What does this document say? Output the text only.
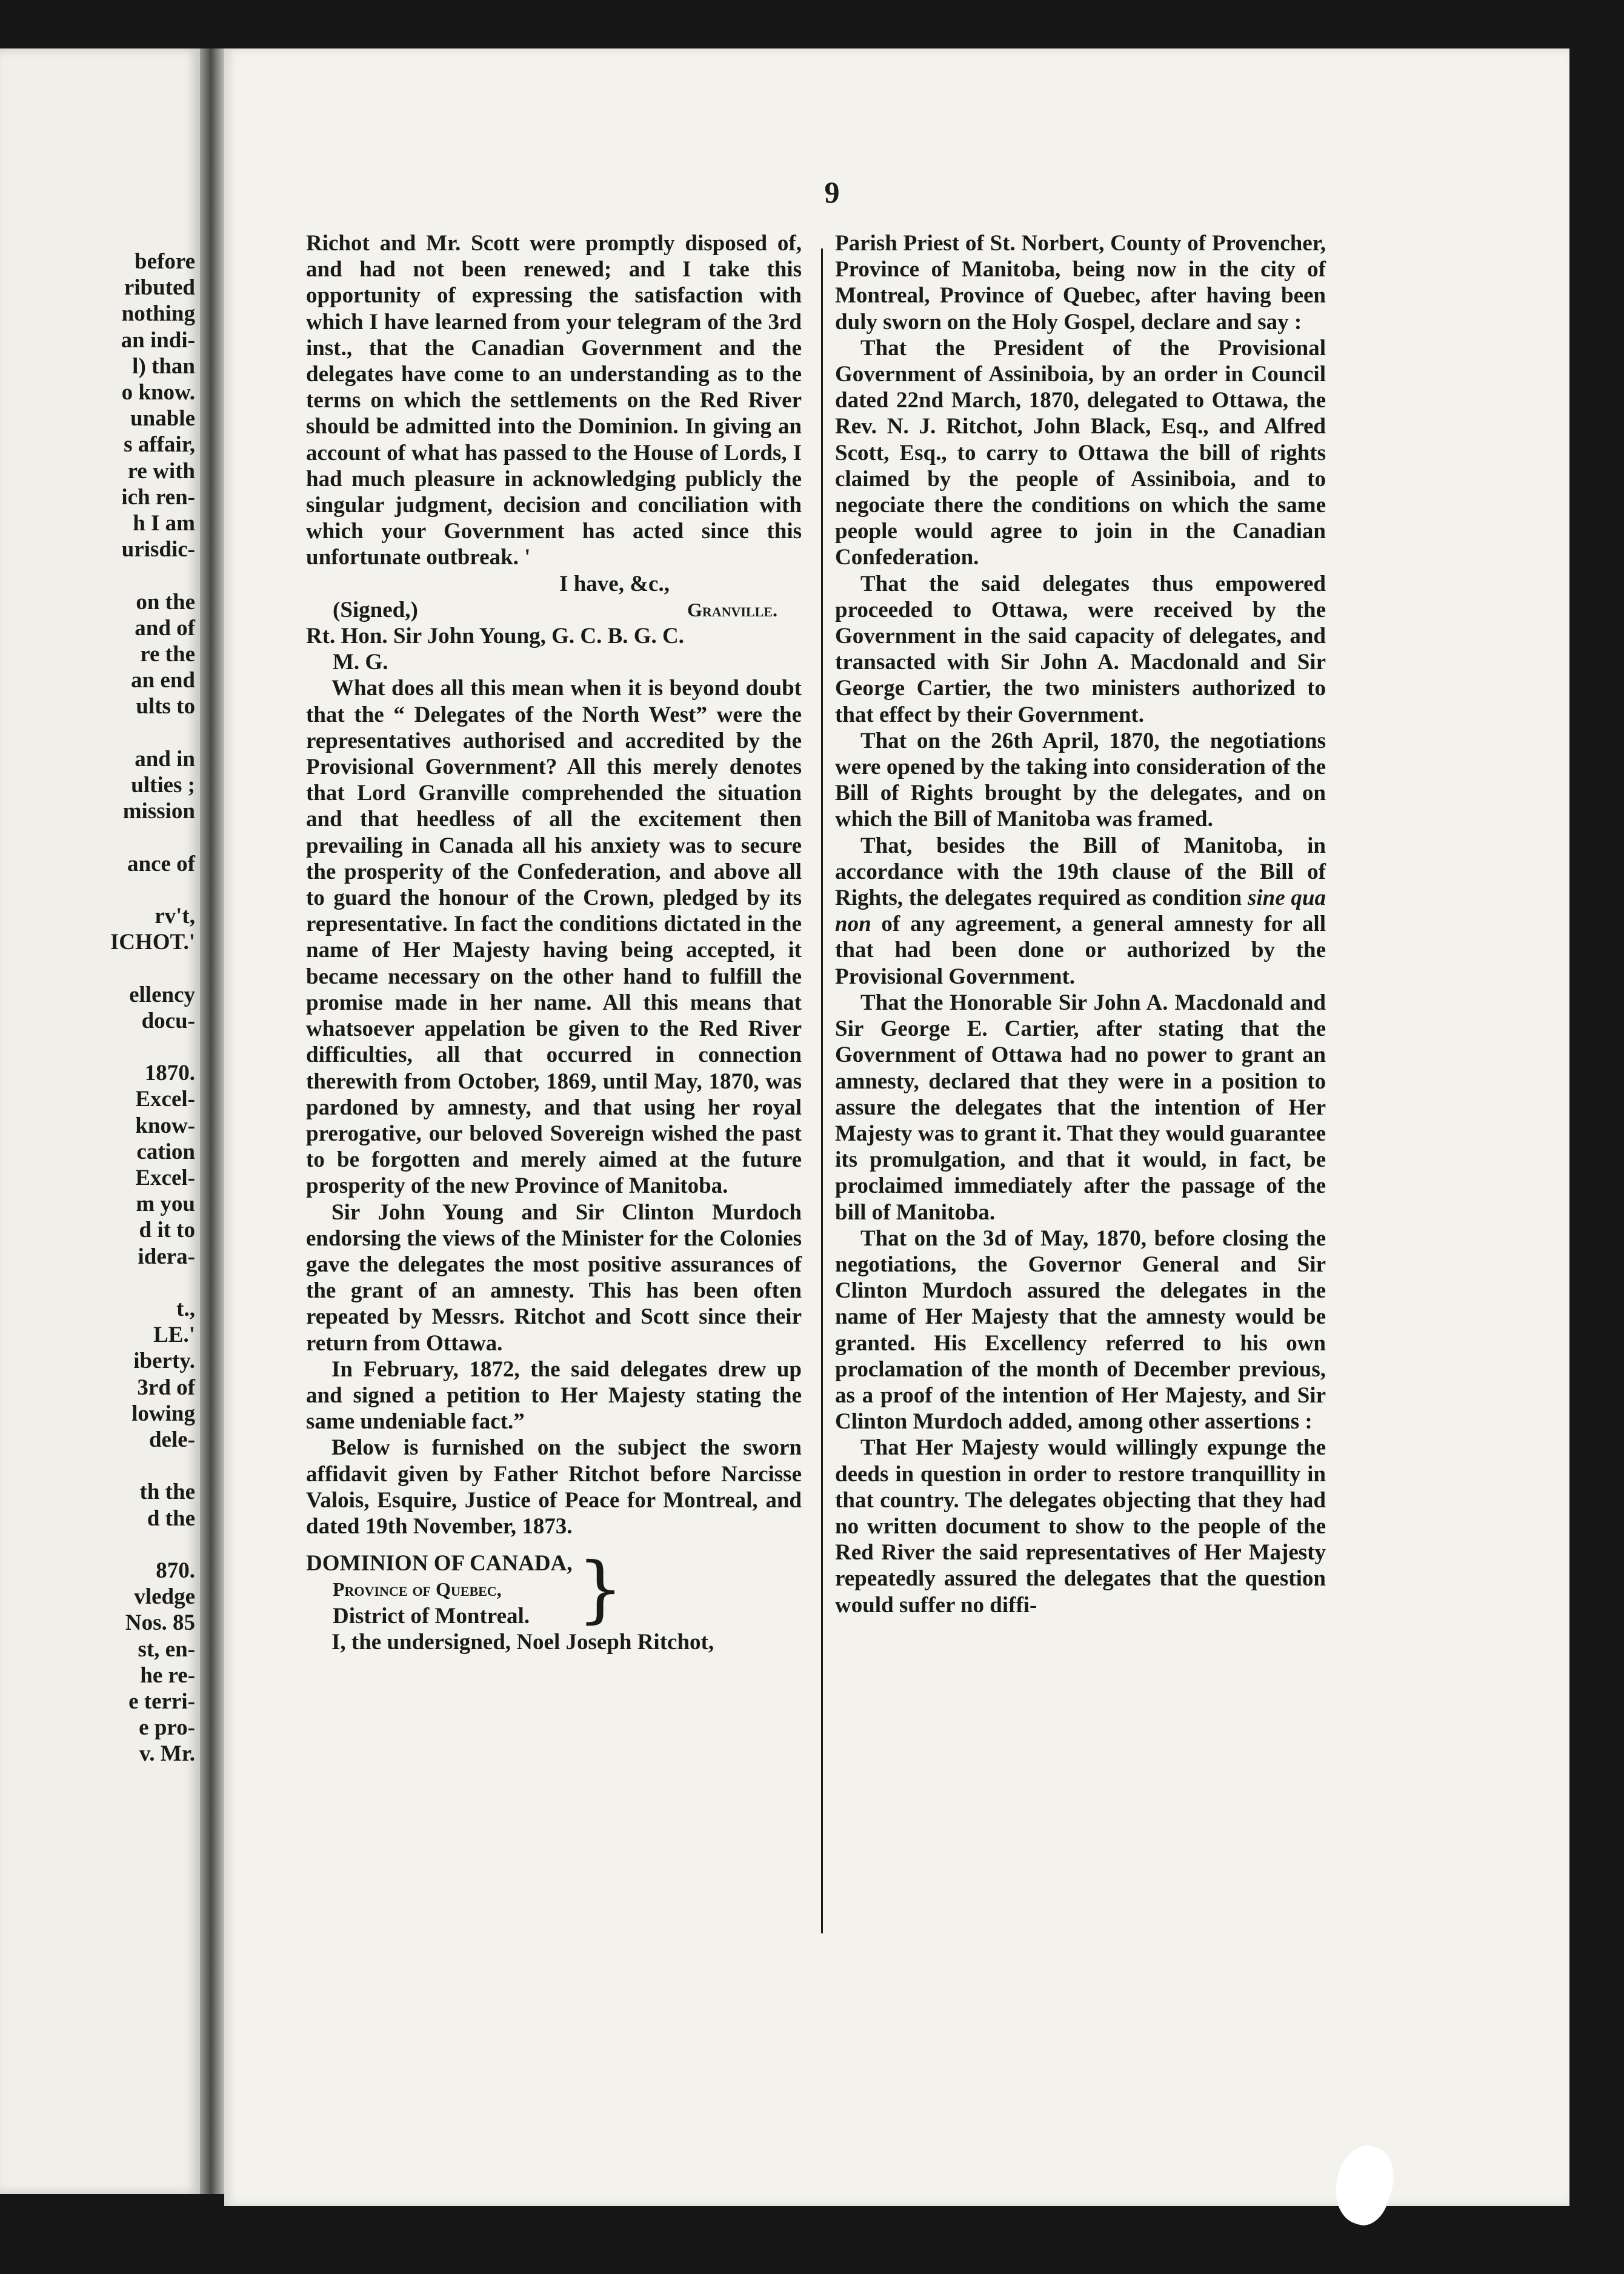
before
ributed
nothing
an indi-
l) than
o know.
unable
s affair,
re with
ich ren-
h I am
urisdic-
on the
and of
re the
an end
ults to
and in
ulties ;
mission
ance of
rv't,
ICHOT.'
ellency
docu-
1870.
Excel-
know-
cation
Excel-
m you
d it to
idera-
t.,
LE.'
iberty.
3rd of
lowing
dele-
th the
d the
870.
vledge
Nos. 85
st, en-
he re-
e terri-
e pro-
v. Mr.
9

Richot and Mr. Scott were promptly disposed of, and had not been renewed; and I take this opportunity of expressing the satisfaction with which I have learned from your telegram of the 3rd inst., that the Canadian Government and the delegates have come to an understanding as to the terms on which the settlements on the Red River should be admitted into the Dominion. In giving an account of what has passed to the House of Lords, I had much pleasure in acknowledging publicly the singular judgment, decision and conciliation with which your Government has acted since this unfortunate outbreak. '

I have, &c.,
(Signed,)	Granville.
Rt. Hon. Sir John Young, G. C. B. G. C.
M. G.

What does all this mean when it is beyond doubt that the “ Delegates of the North West” were the representatives authorised and accredited by the Provisional Government? All this merely denotes that Lord Granville comprehended the situation and that heedless of all the excitement then prevailing in Canada all his anxiety was to secure the prosperity of the Confederation, and above all to guard the honour of the Crown, pledged by its representative. In fact the conditions dictated in the name of Her Majesty having being accepted, it became necessary on the other hand to fulfill the promise made in her name. All this means that whatsoever appelation be given to the Red River difficulties, all that occurred in connection therewith from October, 1869, until May, 1870, was pardoned by amnesty, and that using her royal prerogative, our beloved Sovereign wished the past to be forgotten and merely aimed at the future prosperity of the new Province of Manitoba.

Sir John Young and Sir Clinton Murdoch endorsing the views of the Minister for the Colonies gave the delegates the most positive assurances of the grant of an amnesty. This has been often repeated by Messrs. Ritchot and Scott since their return from Ottawa.

In February, 1872, the said delegates drew up and signed a petition to Her Majesty stating the same undeniable fact.”

Below is furnished on the subject the sworn affidavit given by Father Ritchot before Narcisse Valois, Esquire, Justice of Peace for Montreal, and dated 19th November, 1873.

DOMINION OF CANADA,
Province of Quebec,
District of Montreal. }

I, the undersigned, Noel Joseph Ritchot,

Parish Priest of St. Norbert, County of Provencher, Province of Manitoba, being now in the city of Montreal, Province of Quebec, after having been duly sworn on the Holy Gospel, declare and say :

That the President of the Provisional Government of Assiniboia, by an order in Council dated 22nd March, 1870, delegated to Ottawa, the Rev. N. J. Ritchot, John Black, Esq., and Alfred Scott, Esq., to carry to Ottawa the bill of rights claimed by the people of Assiniboia, and to negociate there the conditions on which the same people would agree to join in the Canadian Confederation.

That the said delegates thus empowered proceeded to Ottawa, were received by the Government in the said capacity of delegates, and transacted with Sir John A. Macdonald and Sir George Cartier, the two ministers authorized to that effect by their Government.

That on the 26th April, 1870, the negotiations were opened by the taking into consideration of the Bill of Rights brought by the delegates, and on which the Bill of Manitoba was framed.

That, besides the Bill of Manitoba, in accordance with the 19th clause of the Bill of Rights, the delegates required as condition sine qua non of any agreement, a general amnesty for all that had been done or authorized by the Provisional Government.

That the Honorable Sir John A. Macdonald and Sir George E. Cartier, after stating that the Government of Ottawa had no power to grant an amnesty, declared that they were in a position to assure the delegates that the intention of Her Majesty was to grant it. That they would guarantee its promulgation, and that it would, in fact, be proclaimed immediately after the passage of the bill of Manitoba.

That on the 3d of May, 1870, before closing the negotiations, the Governor General and Sir Clinton Murdoch assured the delegates in the name of Her Majesty that the amnesty would be granted. His Excellency referred to his own proclamation of the month of December previous, as a proof of the intention of Her Majesty, and Sir Clinton Murdoch added, among other assertions :

That Her Majesty would willingly expunge the deeds in question in order to restore tranquillity in that country. The delegates objecting that they had no written document to show to the people of the Red River the said representatives of Her Majesty repeatedly assured the delegates that the question would suffer no diffi-
